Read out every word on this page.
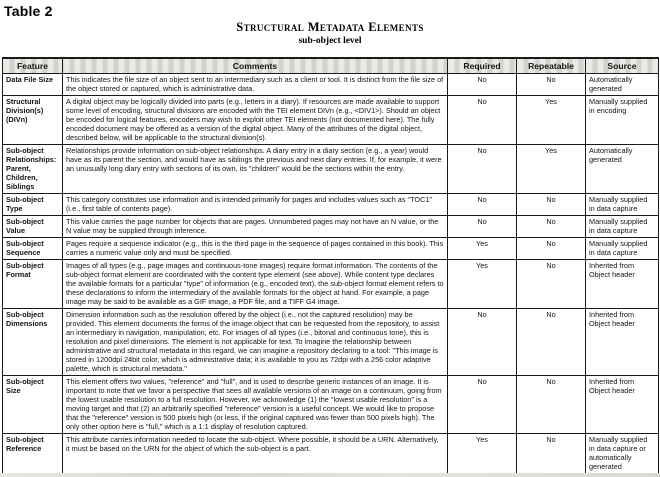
Table 2
Structural Metadata Elements
sub-object level
Feature	Comments	Required	Repeatable	Source
Data File Size	This indicates the file size of an object sent to an intermediary such as a client or tool. It is distinct from the file size of the object stored or captured, which is administrative data.	No	No	Automatically generated
Structural Division(s) (DIVn)	A digital object may be logically divided into parts (e.g., letters in a diary). If resources are made available to support some level of encoding, structural divisions are encoded with the TEI element DIVn (e.g., <DIV1>). Should an object be encoded for logical features, encoders may wish to exploit other TEI elements (not documented here). The fully encoded document may be offered as a version of the digital object. Many of the attributes of the digital object, described below, will be applicable to the structural division(s).	No	Yes	Manually supplied in encoding
Sub-object Relationships: Parent, Children, Siblings	Relationships provide information on sub-object relationships. A diary entry in a diary section (e.g., a year) would have as its parent the section, and would have as siblings the previous and next diary entries. If, for example, it were an unusually long diary entry with sections of its own, its "children" would be the sections within the entry.	No	Yes	Automatically generated
Sub-object Type	This category constitutes use information and is intended primarily for pages and includes values such as "TOC1" (i.e., first table of contents page).	No	No	Manually supplied in data capture
Sub-object Value	This value carries the page number for objects that are pages. Unnumbered pages may not have an N value, or the N value may be supplied through inference.	No	No	Manually supplied in data capture
Sub-object Sequence	Pages require a sequence indicator (e.g., this is the third page in the sequence of pages contained in this book). This carries a numeric value only and must be specified.	Yes	No	Manually supplied in data capture
Sub-object Format	Images of all types (e.g., page images and continuous-tone images) require format information. The contents of the sub-object format element are coordinated with the content type element (see above). While content type declares the available formats for a particular "type" of information (e.g., encoded text), the sub-object format element refers to these declarations to inform the intermediary of the available formats for the object at hand. For example, a page image may be said to be available as a GIF image, a PDF file, and a TIFF G4 image.	Yes	No	Inherited from Object header
Sub-object Dimensions	Dimension information such as the resolution offered by the object (i.e., not the captured resolution) may be provided. This element documents the forms of the image object that can be requested from the repository, to assist an intermediary in navigation, manipulation, etc. For images of all types (i.e., bitonal and continuous tone), this is resolution and pixel dimensions. The element is not applicable for text. To imagine the relationship between administrative and structural metadata in this regard, we can imagine a repository declaring to a tool: "This image is stored in 1200dpi 24bit color, which is administrative data; it is available to you as 72dpi with a 256 color adaptive palette, which is structural metadata."	No	No	Inherited from Object header
Sub-object Size	This element offers two values, "reference" and "full", and is used to describe generic instances of an image. It is important to note that we favor a perspective that sees all available versions of an image on a continuum, going from the lowest usable resolution to a full resolution. However, we acknowledge (1) the "lowest usable resolution" is a moving target and that (2) an arbitrarily specified "reference" version is a useful concept. We would like to propose that the "reference" version is 500 pixels high (or less, if the original captured was fewer than 500 pixels high). The only other option here is "full," which is a 1:1 display of resolution captured.	No	No	Inherited from Object header
Sub-object Reference	This attribute carries information needed to locate the sub-object. Where possible, it should be a URN. Alternatively, it must be based on the URN for the object of which the sub-object is a part.	Yes	No	Manually supplied in data capture or automatically generated
